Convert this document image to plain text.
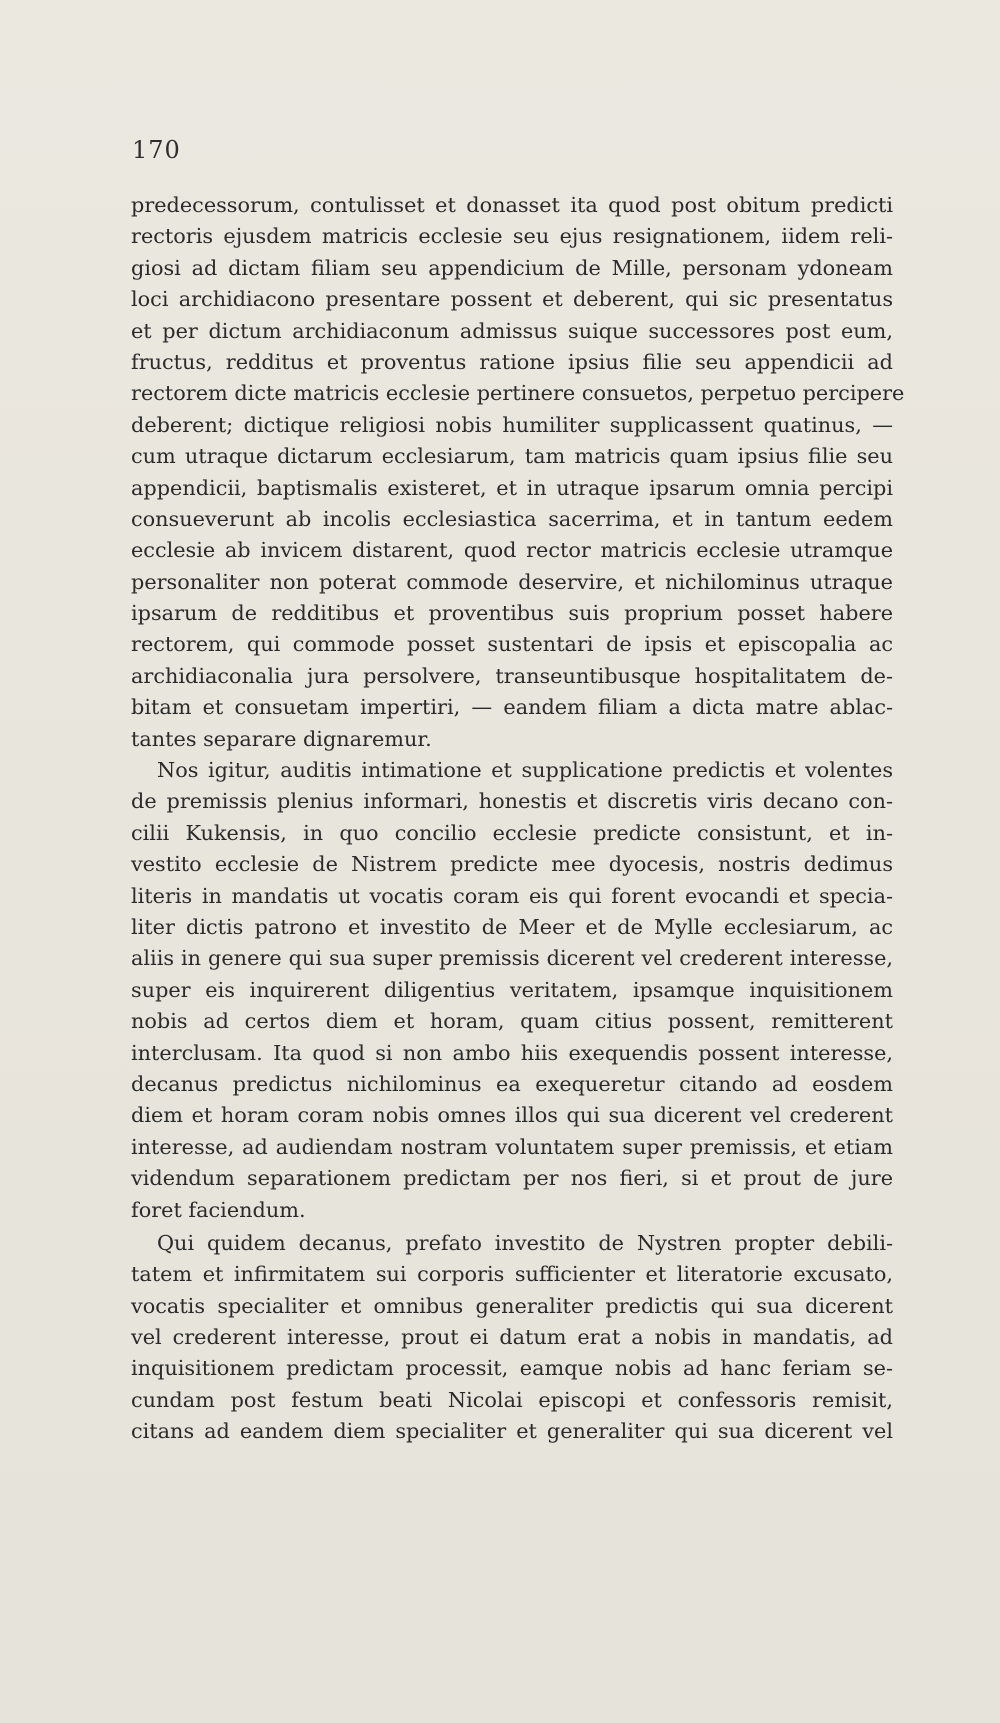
170
predecessorum, contulisset et donasset ita quod post obitum predicti
rectoris ejusdem matricis ecclesie seu ejus resignationem, iidem reli-
giosi ad dictam filiam seu appendicium de Mille, personam ydoneam
loci archidiacono presentare possent et deberent, qui sic presentatus
et per dictum archidiaconum admissus suique successores post eum,
fructus, redditus et proventus ratione ipsius filie seu appendicii ad
rectorem dicte matricis ecclesie pertinere consuetos, perpetuo percipere
deberent; dictique religiosi nobis humiliter supplicassent quatinus, —
cum utraque dictarum ecclesiarum, tam matricis quam ipsius filie seu
appendicii, baptismalis existeret, et in utraque ipsarum omnia percipi
consueverunt ab incolis ecclesiastica sacerrima, et in tantum eedem
ecclesie ab invicem distarent, quod rector matricis ecclesie utramque
personaliter non poterat commode deservire, et nichilominus utraque
ipsarum de redditibus et proventibus suis proprium posset habere
rectorem, qui commode posset sustentari de ipsis et episcopalia ac
archidiaconalia jura persolvere, transeuntibusque hospitalitatem de-
bitam et consuetam impertiri, — eandem filiam a dicta matre ablac-
tantes separare dignaremur.
Nos igitur, auditis intimatione et supplicatione predictis et volentes
de premissis plenius informari, honestis et discretis viris decano con-
cilii Kukensis, in quo concilio ecclesie predicte consistunt, et in-
vestito ecclesie de Nistrem predicte mee dyocesis, nostris dedimus
literis in mandatis ut vocatis coram eis qui forent evocandi et specia-
liter dictis patrono et investito de Meer et de Mylle ecclesiarum, ac
aliis in genere qui sua super premissis dicerent vel crederent interesse,
super eis inquirerent diligentius veritatem, ipsamque inquisitionem
nobis ad certos diem et horam, quam citius possent, remitterent
interclusam. Ita quod si non ambo hiis exequendis possent interesse,
decanus predictus nichilominus ea exequeretur citando ad eosdem
diem et horam coram nobis omnes illos qui sua dicerent vel crederent
interesse, ad audiendam nostram voluntatem super premissis, et etiam
videndum separationem predictam per nos fieri, si et prout de jure
foret faciendum.
Qui quidem decanus, prefato investito de Nystren propter debili-
tatem et infirmitatem sui corporis sufficienter et literatorie excusato,
vocatis specialiter et omnibus generaliter predictis qui sua dicerent
vel crederent interesse, prout ei datum erat a nobis in mandatis, ad
inquisitionem predictam processit, eamque nobis ad hanc feriam se-
cundam post festum beati Nicolai episcopi et confessoris remisit,
citans ad eandem diem specialiter et generaliter qui sua dicerent vel
